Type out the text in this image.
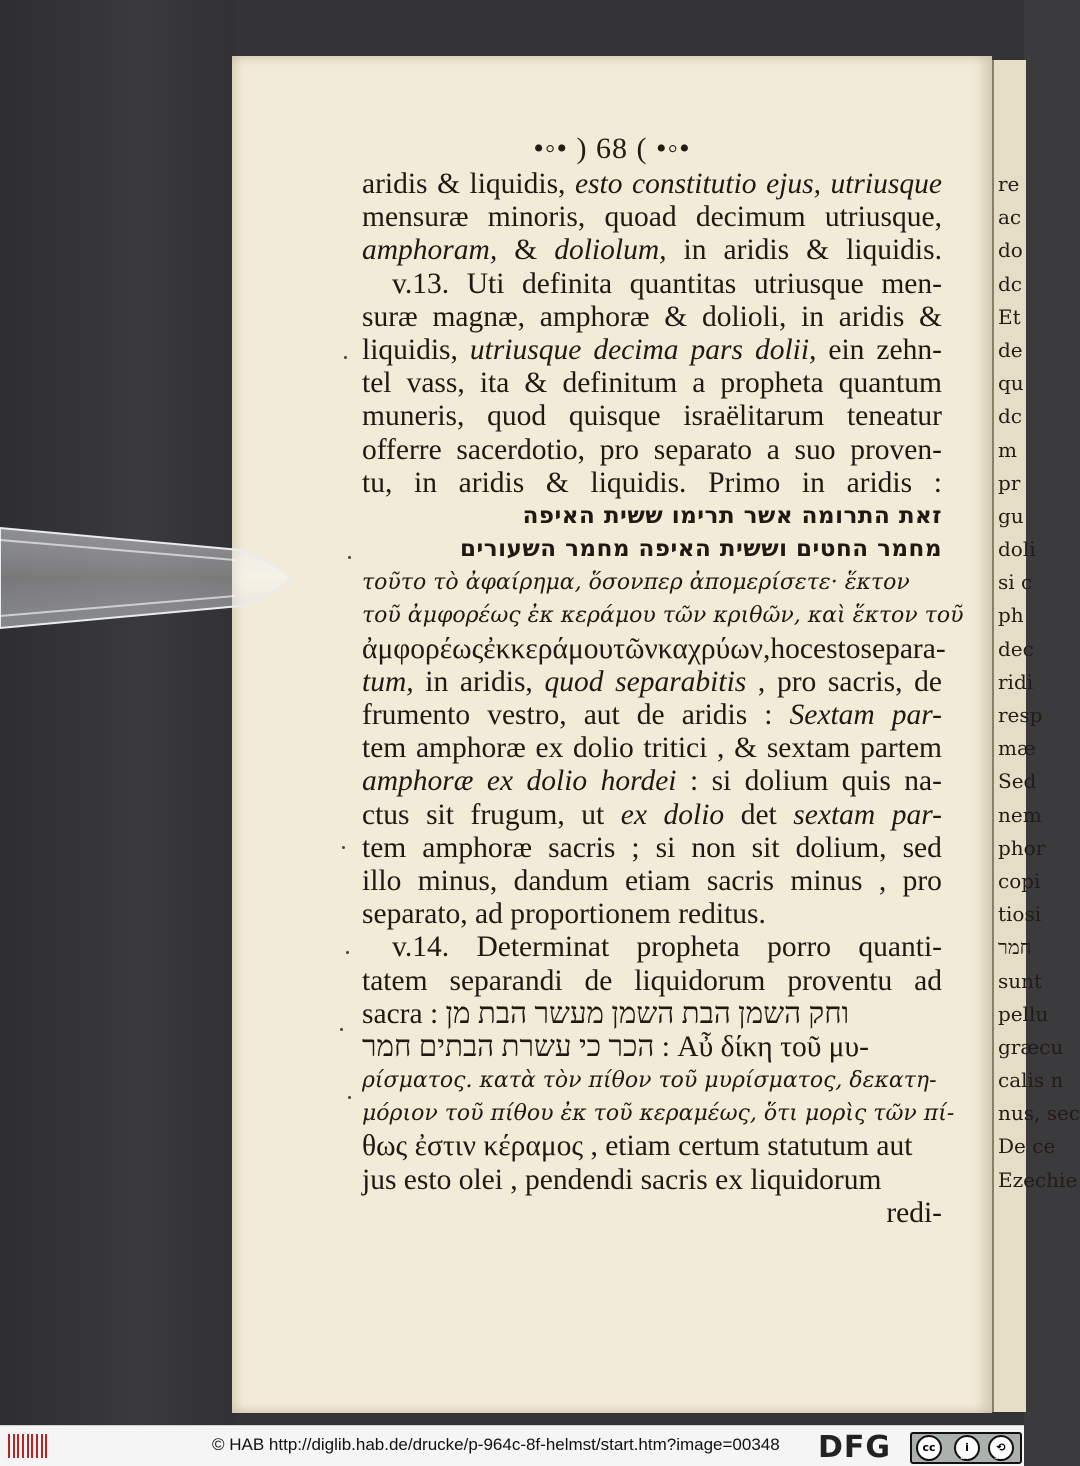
•◦• ) 68 ( •◦•
aridis & liquidis, esto constitutio ejus, utriusque
mensuræ minoris, quoad decimum utriusque,
amphoram, & doliolum, in aridis & liquidis.
v.13. Uti definita quantitas utriusque men-
suræ magnæ, amphoræ & dolioli, in aridis &
liquidis, utriusque decima pars dolii, ein zehn-
tel vass, ita & definitum a propheta quantum
muneris, quod quisque israëlitarum teneatur
offerre sacerdotio, pro separato a suo proven-
tu, in aridis & liquidis. Primo in aridis :
זאת התרומה אשר תרימו ששית האיפה
מחמר החטים וששית האיפה מחמר השעורים
τοῦτο τὸ ἀφαίρημα, ὅσονπερ ἀπομερίσετε· ἕκτον
τοῦ ἀμφορέως ἐκ κεράμου τῶν κριθῶν, καὶ ἕκτον τοῦ
ἀμφορέως ἐκ κεράμου τῶν καχρύων, hoc esto separa-
tum, in aridis, quod separabitis , pro sacris, de
frumento vestro, aut de aridis : Sextam par-
tem amphoræ ex dolio tritici , & sextam partem
amphoræ ex dolio hordei : si dolium quis na-
ctus sit frugum, ut ex dolio det sextam par-
tem amphoræ sacris ; si non sit dolium, sed
illo minus, dandum etiam sacris minus , pro
separato, ad proportionem reditus.
v.14. Determinat propheta porro quanti-
tatem separandi de liquidorum proventu ad
sacra : וחק השמן הבת השמן מעשר הבת מן
הכר כי עשרת הבתים חמר : Αὖ δίκη τοῦ μυ-
ρίσματος. κατὰ τὸν πίθον τοῦ μυρίσματος, δεκατη-
μόριον τοῦ πίθου ἐκ τοῦ κεραμέως, ὅτι μορὶς τῶν πί-
θως ἐστιν κέραμος , etiam certum statutum aut
jus esto olei , pendendi sacris ex liquidorum
redi-
re
ac
do
dc
Et
de
qu
dc
m
pr
gu
doli
si c
ph
dec
ridi
resp
mæ
Sed
nem
phor
copi
tiosi
חמר
sunt
pellu
græcu
calis n
nus, sec
De ce
Ezechie
© HAB http://diglib.hab.de/drucke/p-964c-8f-helmst/start.htm?image=00348 DFG	cc	i	⟲
BY	SA
